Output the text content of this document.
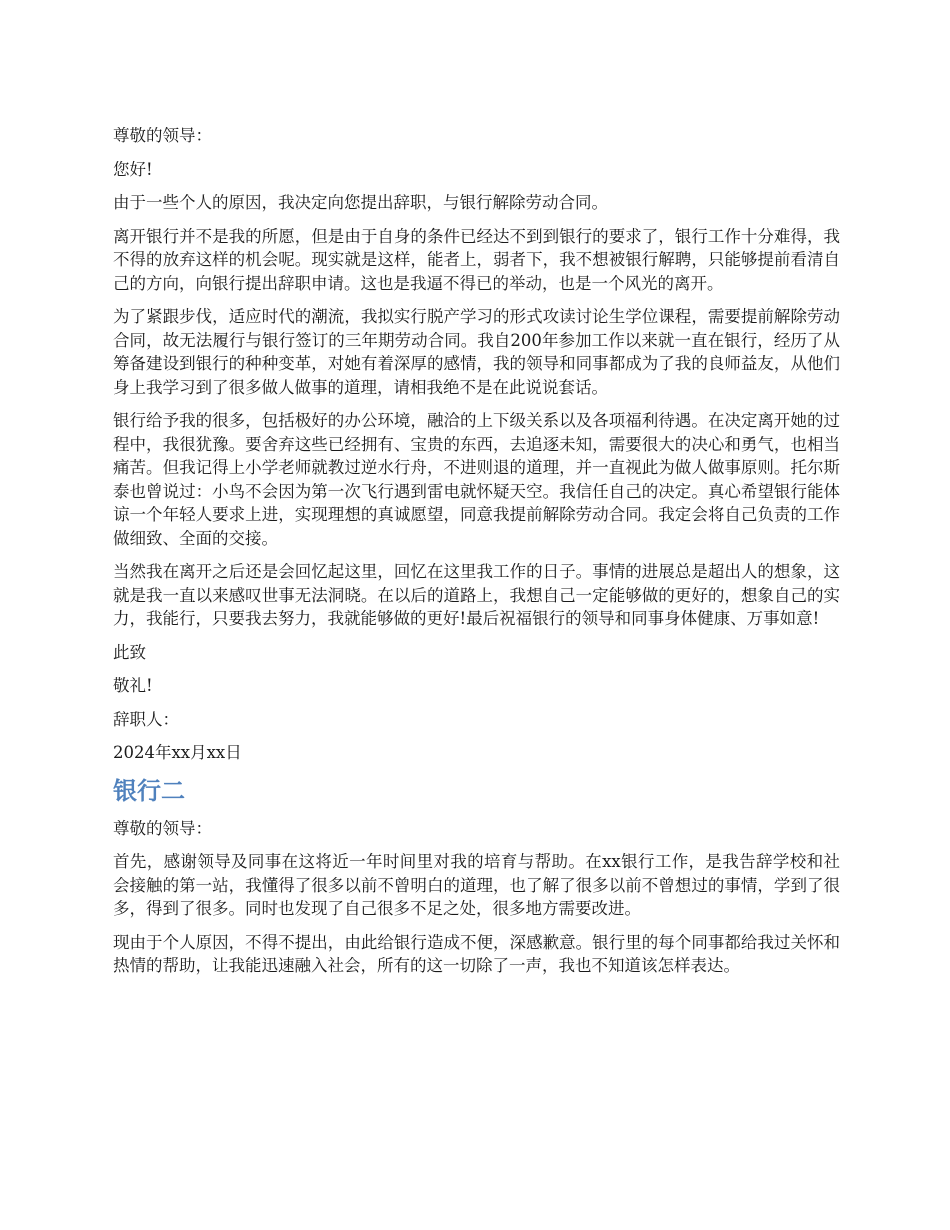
尊敬的领导：

您好!

由于一些个人的原因，我决定向您提出辞职，与银行解除劳动合同。

离开银行并不是我的所愿，但是由于自身的条件已经达不到到银行的要求了，银行工作十分难得，我不得的放弃这样的机会呢。现实就是这样，能者上，弱者下，我不想被银行解聘，只能够提前看清自己的方向，向银行提出辞职申请。这也是我逼不得已的举动，也是一个风光的离开。

为了紧跟步伐，适应时代的潮流，我拟实行脱产学习的形式攻读讨论生学位课程，需要提前解除劳动合同，故无法履行与银行签订的三年期劳动合同。我自200年参加工作以来就一直在银行，经历了从筹备建设到银行的种种变革，对她有着深厚的感情，我的领导和同事都成为了我的良师益友，从他们身上我学习到了很多做人做事的道理，请相我绝不是在此说说套话。

银行给予我的很多，包括极好的办公环境，融洽的上下级关系以及各项福利待遇。在决定离开她的过程中，我很犹豫。要舍弃这些已经拥有、宝贵的东西，去追逐未知，需要很大的决心和勇气，也相当痛苦。但我记得上小学老师就教过逆水行舟，不进则退的道理，并一直视此为做人做事原则。托尔斯泰也曾说过：小鸟不会因为第一次飞行遇到雷电就怀疑天空。我信任自己的决定。真心希望银行能体谅一个年轻人要求上进，实现理想的真诚愿望，同意我提前解除劳动合同。我定会将自己负责的工作做细致、全面的交接。

当然我在离开之后还是会回忆起这里，回忆在这里我工作的日子。事情的进展总是超出人的想象，这就是我一直以来感叹世事无法洞晓。在以后的道路上，我想自己一定能够做的更好的，想象自己的实力，我能行，只要我去努力，我就能够做的更好!最后祝福银行的领导和同事身体健康、万事如意!

此致

敬礼!

辞职人：

2024年xx月xx日

银行二

尊敬的领导：

首先，感谢领导及同事在这将近一年时间里对我的培育与帮助。在xx银行工作，是我告辞学校和社会接触的第一站，我懂得了很多以前不曾明白的道理，也了解了很多以前不曾想过的事情，学到了很多，得到了很多。同时也发现了自己很多不足之处，很多地方需要改进。

现由于个人原因，不得不提出，由此给银行造成不便，深感歉意。银行里的每个同事都给我过关怀和热情的帮助，让我能迅速融入社会，所有的这一切除了一声，我也不知道该怎样表达。
